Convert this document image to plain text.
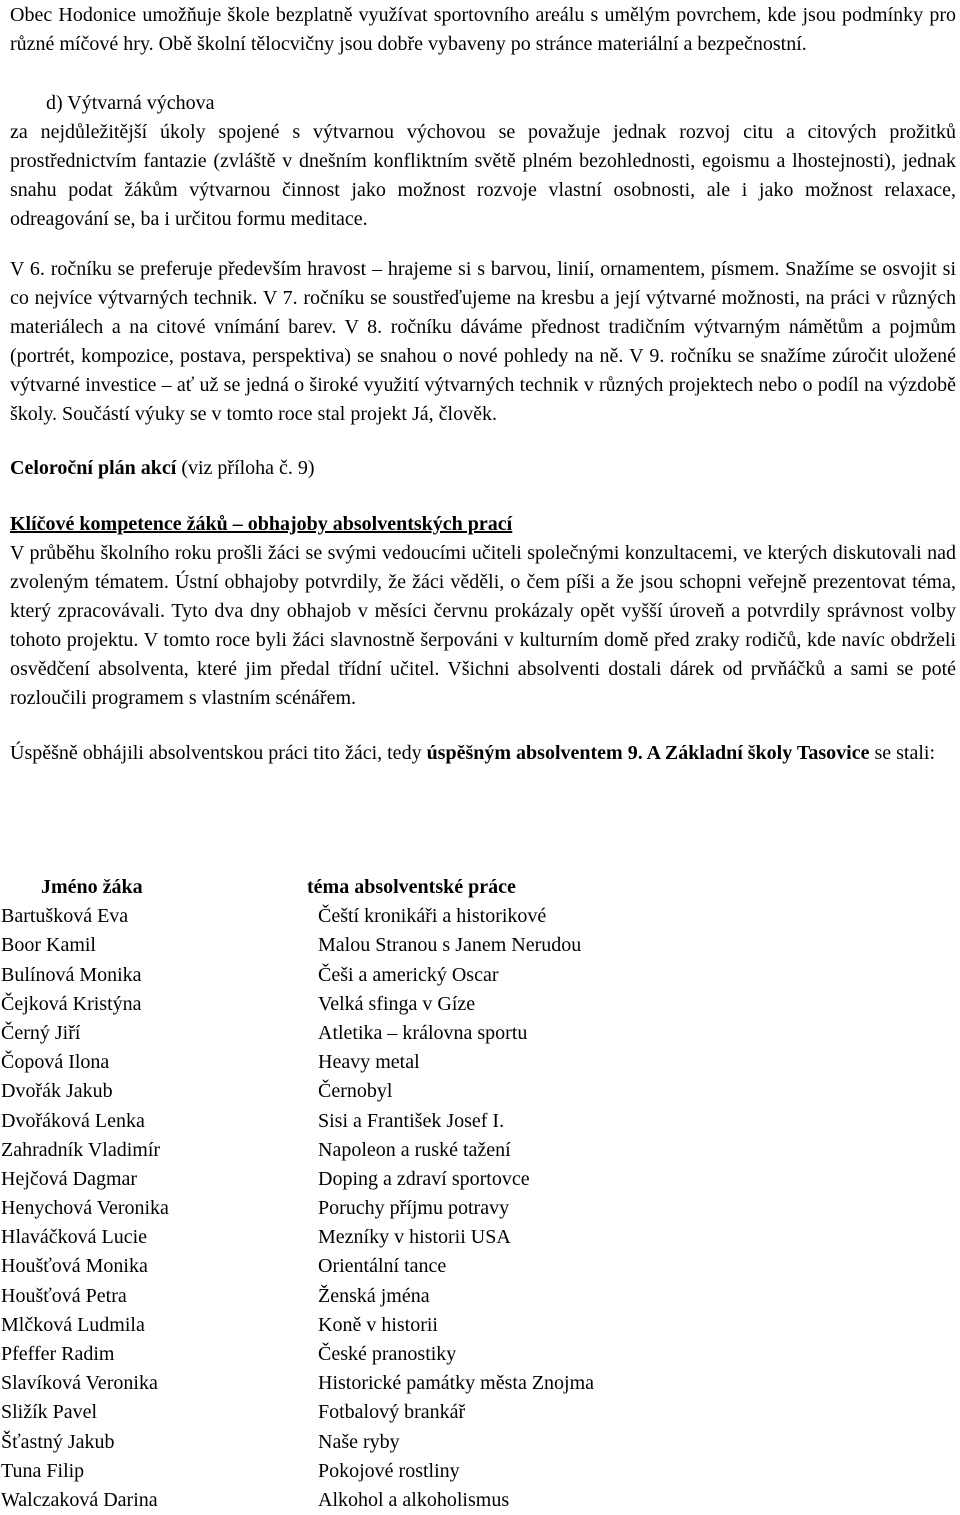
Obec Hodonice umožňuje škole bezplatně využívat sportovního areálu s umělým povrchem, kde jsou podmínky pro různé míčové hry. Obě školní tělocvičny jsou dobře vybaveny po stránce materiální a bezpečnostní.

d) Výtvarná výchova

za nejdůležitější úkoly spojené s výtvarnou výchovou se považuje jednak rozvoj citu a citových prožitků prostřednictvím fantazie (zvláště v dnešním konfliktním světě plném bezohlednosti, egoismu a lhostejnosti), jednak snahu podat žákům výtvarnou činnost jako možnost rozvoje vlastní osobnosti, ale i jako možnost relaxace, odreagování se, ba i určitou formu meditace.

V 6. ročníku se preferuje především hravost – hrajeme si s barvou, linií, ornamentem, písmem. Snažíme se osvojit si co nejvíce výtvarných technik. V 7. ročníku se soustřeďujeme na kresbu a její výtvarné možnosti, na práci v různých materiálech a na citové vnímání barev. V 8. ročníku dáváme přednost tradičním výtvarným námětům a pojmům (portrét, kompozice, postava, perspektiva) se snahou o nové pohledy na ně. V 9. ročníku se snažíme zúročit uložené výtvarné investice – ať už se jedná o široké využití výtvarných technik v různých projektech nebo o podíl na výzdobě školy. Součástí výuky se v tomto roce stal projekt Já, člověk.

Celoroční plán akcí (viz příloha č. 9)

Klíčové kompetence žáků – obhajoby absolventských prací

V průběhu školního roku prošli žáci se svými vedoucími učiteli společnými konzultacemi, ve kterých diskutovali nad zvoleným tématem. Ústní obhajoby potvrdily, že žáci věděli, o čem píši a že jsou schopni veřejně prezentovat téma, který zpracovávali. Tyto dva dny obhajob v měsíci červnu prokázaly opět vyšší úroveň a potvrdily správnost volby tohoto projektu. V tomto roce byli žáci slavnostně šerpováni v kulturním domě před zraky rodičů, kde navíc obdrželi osvědčení absolventa, které jim předal třídní učitel. Všichni absolventi dostali dárek od prvňáčků a sami se poté rozloučili programem s vlastním scénářem.

Úspěšně obhájili absolventskou práci tito žáci, tedy úspěšným absolventem 9. A Základní školy Tasovice se stali:

Jméno žáka	téma absolventské práce
Bartušková Eva	Čeští kronikáři a historikové
Boor Kamil	Malou Stranou s Janem Nerudou
Bulínová Monika	Češi a americký Oscar
Čejková Kristýna	Velká sfinga v Gíze
Černý Jiří	Atletika – královna sportu
Čopová Ilona	Heavy metal
Dvořák Jakub	Černobyl
Dvořáková Lenka	Sisi a František Josef I.
Zahradník Vladimír	Napoleon a ruské tažení
Hejčová Dagmar	Doping a zdraví sportovce
Henychová Veronika	Poruchy příjmu potravy
Hlaváčková Lucie	Mezníky v historii USA
Houšťová Monika	Orientální tance
Houšťová Petra	Ženská jména
Mlčková Ludmila	Koně v historii
Pfeffer Radim	České pranostiky
Slavíková Veronika	Historické památky města Znojma
Sližík Pavel	Fotbalový brankář
Šťastný Jakub	Naše ryby
Tuna Filip	Pokojové rostliny
Walczaková Darina	Alkohol a alkoholismus
